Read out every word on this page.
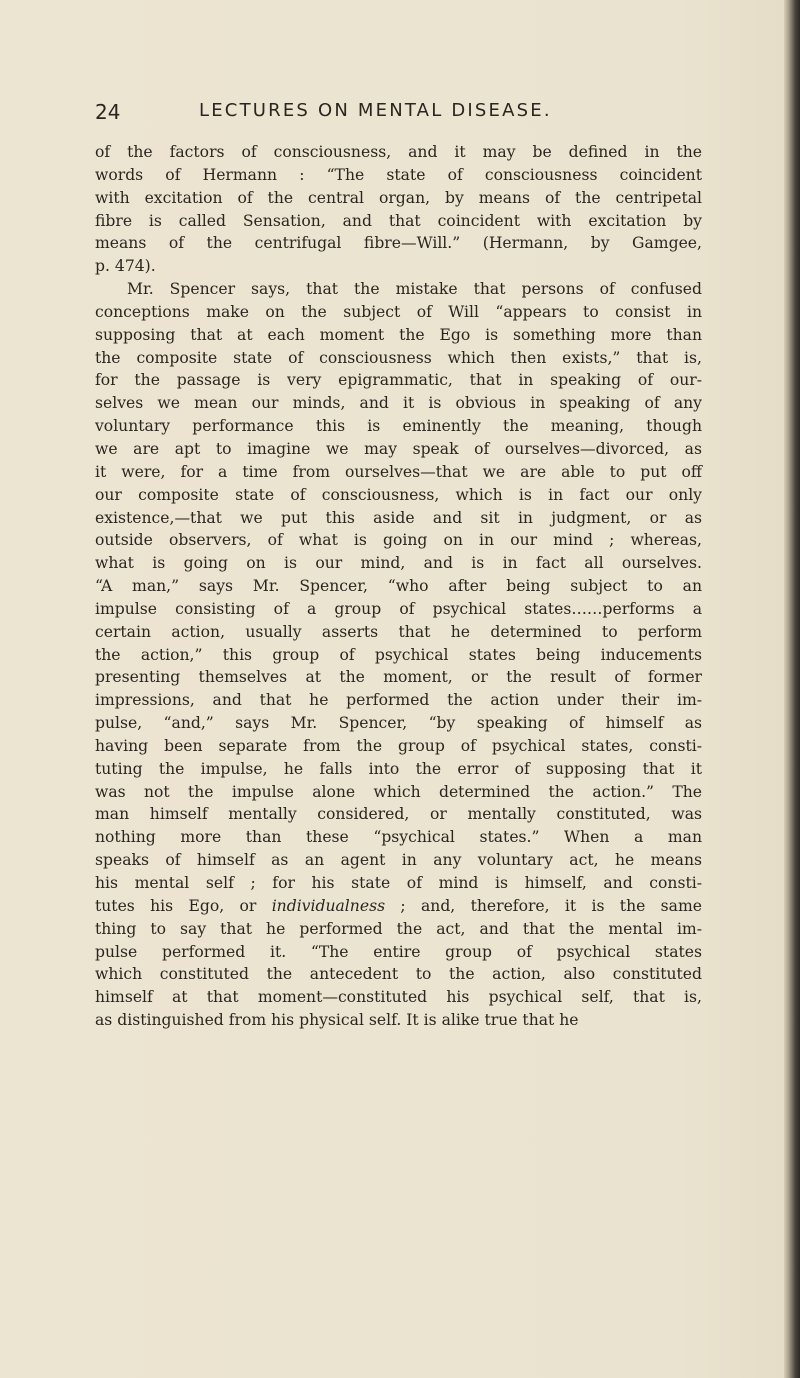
24	LECTURES ON MENTAL DISEASE.
of the factors of consciousness, and it may be defined in the
words of Hermann : “The state of consciousness coincident
with excitation of the central organ, by means of the centripetal
fibre is called Sensation, and that coincident with excitation by
means of the centrifugal fibre—Will.” (Hermann, by Gamgee,
p. 474).
Mr. Spencer says, that the mistake that persons of confused
conceptions make on the subject of Will “appears to consist in
supposing that at each moment the Ego is something more than
the composite state of consciousness which then exists,” that is,
for the passage is very epigrammatic, that in speaking of our-
selves we mean our minds, and it is obvious in speaking of any
voluntary performance this is eminently the meaning, though
we are apt to imagine we may speak of ourselves—divorced, as
it were, for a time from ourselves—that we are able to put off
our composite state of consciousness, which is in fact our only
existence,—that we put this aside and sit in judgment, or as
outside observers, of what is going on in our mind ; whereas,
what is going on is our mind, and is in fact all ourselves.
“A man,” says Mr. Spencer, “who after being subject to an
impulse consisting of a group of psychical states……performs a
certain action, usually asserts that he determined to perform
the action,” this group of psychical states being inducements
presenting themselves at the moment, or the result of former
impressions, and that he performed the action under their im-
pulse, “and,” says Mr. Spencer, “by speaking of himself as
having been separate from the group of psychical states, consti-
tuting the impulse, he falls into the error of supposing that it
was not the impulse alone which determined the action.” The
man himself mentally considered, or mentally constituted, was
nothing more than these “psychical states.” When a man
speaks of himself as an agent in any voluntary act, he means
his mental self ; for his state of mind is himself, and consti-
tutes his Ego, or individualness ; and, therefore, it is the same
thing to say that he performed the act, and that the mental im-
pulse performed it. “The entire group of psychical states
which constituted the antecedent to the action, also constituted
himself at that moment—constituted his psychical self, that is,
as distinguished from his physical self. It is alike true that he
